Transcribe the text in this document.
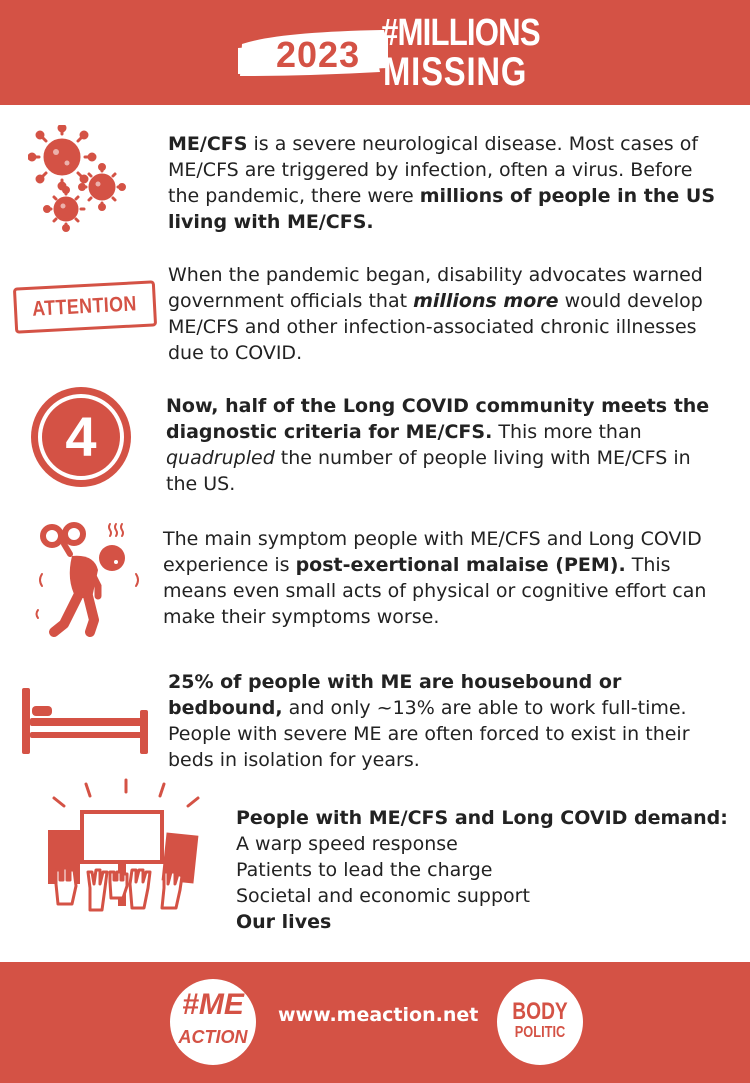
2023
#MILLIONS
MISSING
ME/CFS is a severe neurological disease. Most cases of ME/CFS are triggered by infection, often a virus. Before the pandemic, there were millions of people in the US living with ME/CFS.
ATTENTION
When the pandemic began, disability advocates warned government officials that millions more would develop ME/CFS and other infection-associated chronic illnesses due to COVID.
4	Now, half of the Long COVID community meets the diagnostic criteria for ME/CFS. This more than quadrupled the number of people living with ME/CFS in the US.
The main symptom people with ME/CFS and Long COVID experience is post-exertional malaise (PEM). This means even small acts of physical or cognitive effort can make their symptoms worse.
25% of people with ME are housebound or bedbound, and only ~13% are able to work full-time. People with severe ME are often forced to exist in their beds in isolation for years.
People with ME/CFS and Long COVID demand:
A warp speed response
Patients to lead the charge
Societal and economic support
Our lives
#ME
ACTION
www.meaction.net BODY
POLITIC
